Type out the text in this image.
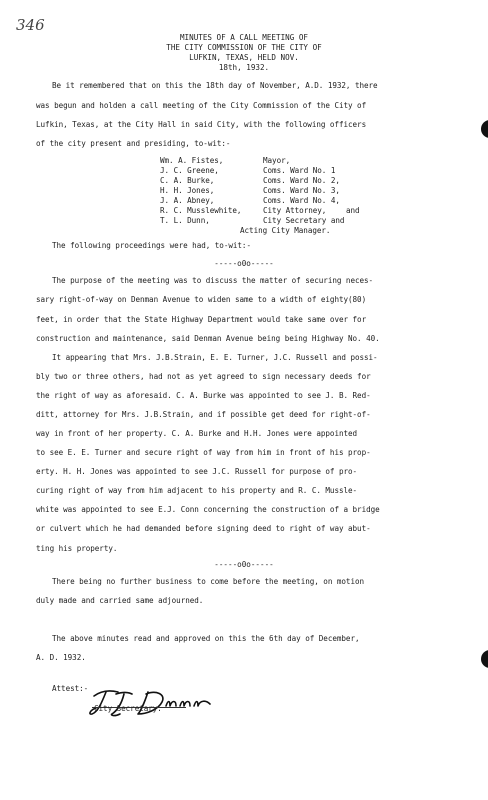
346
MINUTES OF A CALL MEETING OF
THE CITY COMMISSION OF THE CITY OF
LUFKIN, TEXAS, HELD NOV.
18th, 1932.
Be it remembered that on this the 18th day of November, A.D. 1932, there
was begun and holden a call meeting of the City Commission of the City of
Lufkin, Texas, at the City Hall in said City, with the following officers
of the city present and presiding, to-wit:-
Wm. A. Fistes,	Mayor,
J. C. Greene,	Coms. Ward No. 1
C. A. Burke,	Coms. Ward No. 2,
H. H. Jones,	Coms. Ward No. 3,
J. A. Abney,	Coms. Ward No. 4,
R. C. Musslewhite,	City Attorney,	and
T. L. Dunn,	City Secretary and
Acting City Manager.
The following proceedings were had, to-wit:-
-----o0o-----
The purpose of the meeting was to discuss the matter of securing neces-
sary right-of-way on Denman Avenue to widen same to a width of eighty(80)
feet, in order that the State Highway Department would take same over for
construction and maintenance, said Denman Avenue being being Highway No. 40.
It appearing that Mrs. J.B.Strain, E. E. Turner, J.C. Russell and possi-
bly two or three others, had not as yet agreed to sign necessary deeds for
the right of way as aforesaid. C. A. Burke was appointed to see J. B. Red-
ditt, attorney for Mrs. J.B.Strain, and if possible get deed for right-of-
way in front of her property. C. A. Burke and H.H. Jones were appointed
to see E. E. Turner and secure right of way from him in front of his prop-
erty. H. H. Jones was appointed to see J.C. Russell for purpose of pro-
curing right of way from him adjacent to his property and R. C. Mussle-
white was appointed to see E.J. Conn concerning the construction of a bridge
or culvert which he had demanded before signing deed to right of way abut-
ting his property.
-----o0o-----
There being no further business to come before the meeting, on motion
duly made and carried same adjourned.
The above minutes read and approved on this the 6th day of December,
A. D. 1932.
Attest:-
City Secretary.
